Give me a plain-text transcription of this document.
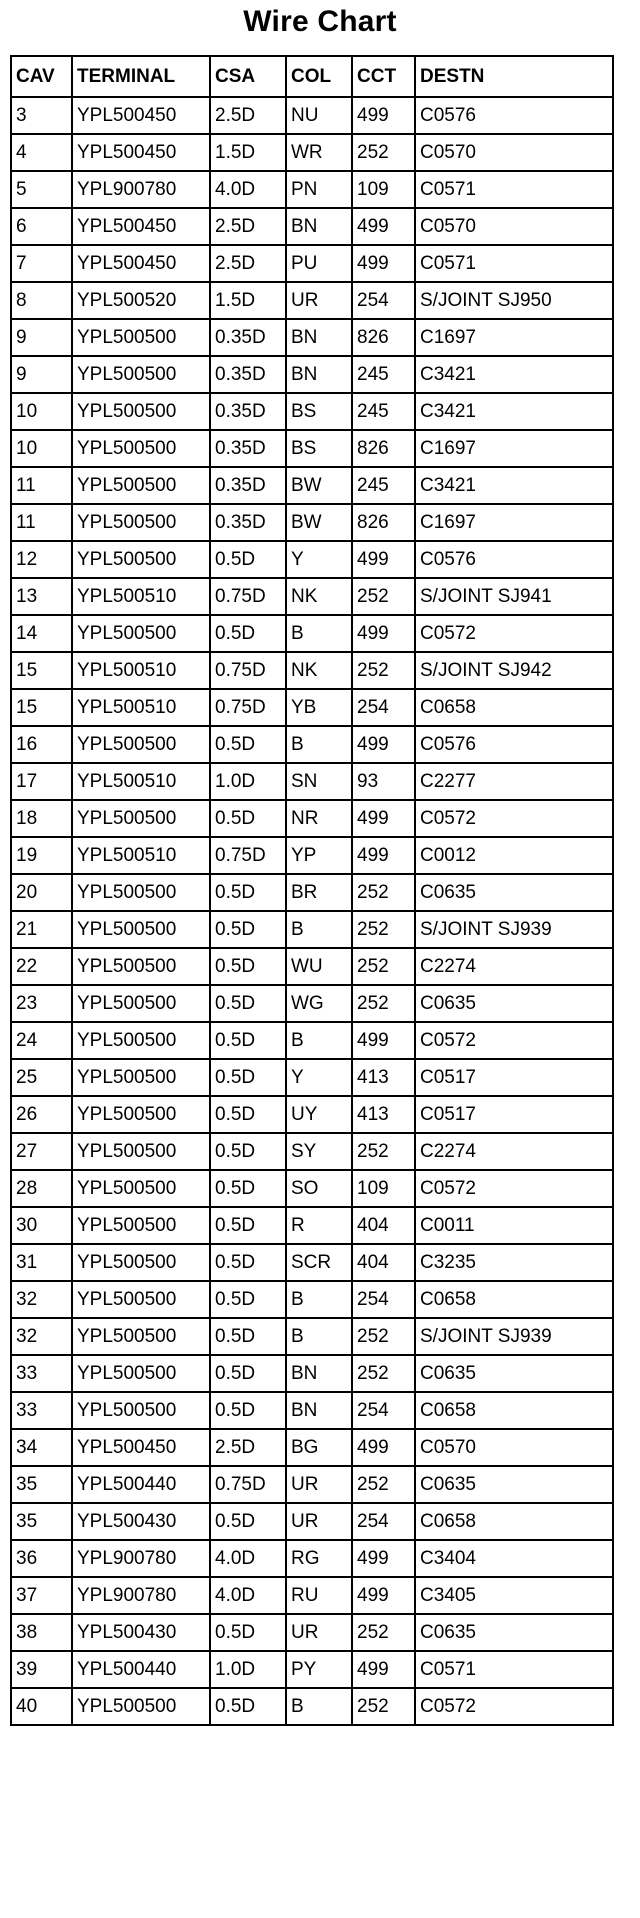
Wire Chart
CAV	TERMINAL	CSA	COL	CCT	DESTN
3	YPL500450	2.5D	NU	499	C0576
4	YPL500450	1.5D	WR	252	C0570
5	YPL900780	4.0D	PN	109	C0571
6	YPL500450	2.5D	BN	499	C0570
7	YPL500450	2.5D	PU	499	C0571
8	YPL500520	1.5D	UR	254	S/JOINT SJ950
9	YPL500500	0.35D	BN	826	C1697
9	YPL500500	0.35D	BN	245	C3421
10	YPL500500	0.35D	BS	245	C3421
10	YPL500500	0.35D	BS	826	C1697
11	YPL500500	0.35D	BW	245	C3421
11	YPL500500	0.35D	BW	826	C1697
12	YPL500500	0.5D	Y	499	C0576
13	YPL500510	0.75D	NK	252	S/JOINT SJ941
14	YPL500500	0.5D	B	499	C0572
15	YPL500510	0.75D	NK	252	S/JOINT SJ942
15	YPL500510	0.75D	YB	254	C0658
16	YPL500500	0.5D	B	499	C0576
17	YPL500510	1.0D	SN	93	C2277
18	YPL500500	0.5D	NR	499	C0572
19	YPL500510	0.75D	YP	499	C0012
20	YPL500500	0.5D	BR	252	C0635
21	YPL500500	0.5D	B	252	S/JOINT SJ939
22	YPL500500	0.5D	WU	252	C2274
23	YPL500500	0.5D	WG	252	C0635
24	YPL500500	0.5D	B	499	C0572
25	YPL500500	0.5D	Y	413	C0517
26	YPL500500	0.5D	UY	413	C0517
27	YPL500500	0.5D	SY	252	C2274
28	YPL500500	0.5D	SO	109	C0572
30	YPL500500	0.5D	R	404	C0011
31	YPL500500	0.5D	SCR	404	C3235
32	YPL500500	0.5D	B	254	C0658
32	YPL500500	0.5D	B	252	S/JOINT SJ939
33	YPL500500	0.5D	BN	252	C0635
33	YPL500500	0.5D	BN	254	C0658
34	YPL500450	2.5D	BG	499	C0570
35	YPL500440	0.75D	UR	252	C0635
35	YPL500430	0.5D	UR	254	C0658
36	YPL900780	4.0D	RG	499	C3404
37	YPL900780	4.0D	RU	499	C3405
38	YPL500430	0.5D	UR	252	C0635
39	YPL500440	1.0D	PY	499	C0571
40	YPL500500	0.5D	B	252	C0572
